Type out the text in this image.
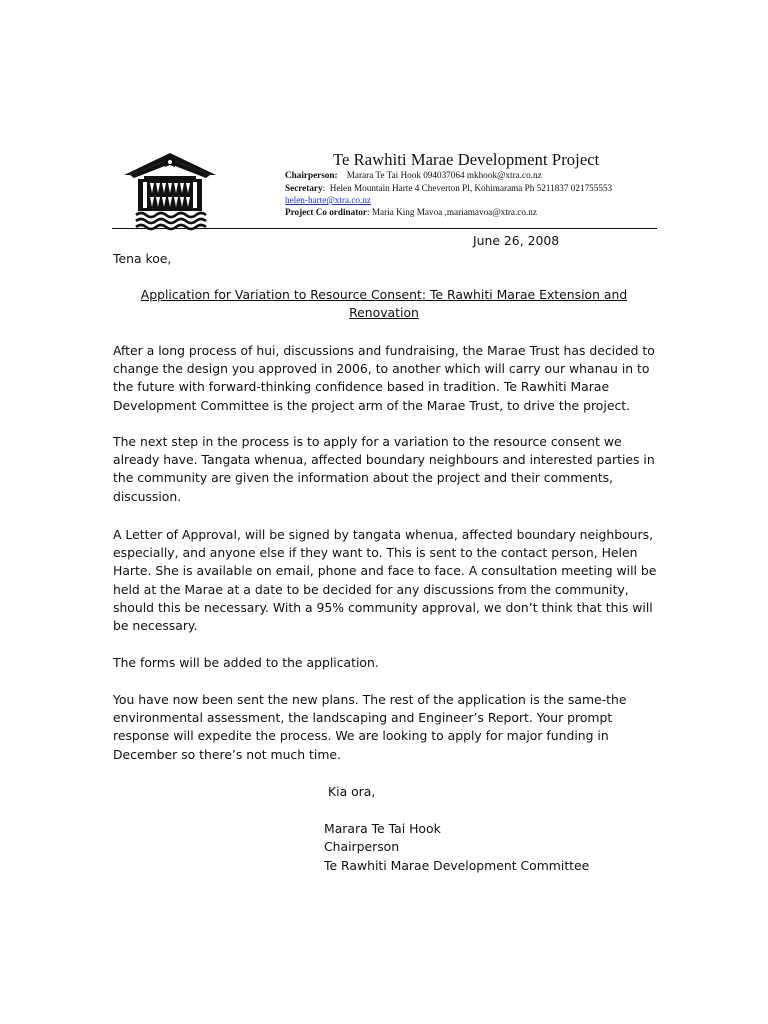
Te Rawhiti Marae Development Project
Chairperson: Marara Te Tai Hook 094037064 mkhook@xtra.co.nz
Secretary:  Helen Mountain Harte 4 Cheverton Pl, Kohimarama Ph 5211837 021755553
helen-harte@xtra.co.nz
Project Co ordinator: Maria King Mavoa ,mariamavoa@xtra.co.nz
June 26, 2008
Tena koe,
Application for Variation to Resource Consent: Te Rawhiti Marae Extension and Renovation

After a long process of hui, discussions and fundraising, the Marae Trust has decided to change the design you approved in 2006, to another which will carry our whanau in to the future with forward-thinking confidence based in tradition. Te Rawhiti Marae Development Committee is the project arm of the Marae Trust, to drive the project.

The next step in the process is to apply for a variation to the resource consent we already have. Tangata whenua, affected boundary neighbours and interested parties in the community are given the information about the project and their comments, discussion.

A Letter of Approval, will be signed by tangata whenua, affected boundary neighbours, especially, and anyone else if they want to. This is sent to the contact person, Helen Harte. She is available on email, phone and face to face. A consultation meeting will be held at the Marae at a date to be decided for any discussions from the community, should this be necessary. With a 95% community approval, we don’t think that this will be necessary.

The forms will be added to the application.

You have now been sent the new plans. The rest of the application is the same-the environmental assessment, the landscaping and Engineer’s Report. Your prompt response will expedite the process. We are looking to apply for major funding in December so there’s not much time.

Kia ora,
Marara Te Tai Hook
Chairperson
Te Rawhiti Marae Development Committee
